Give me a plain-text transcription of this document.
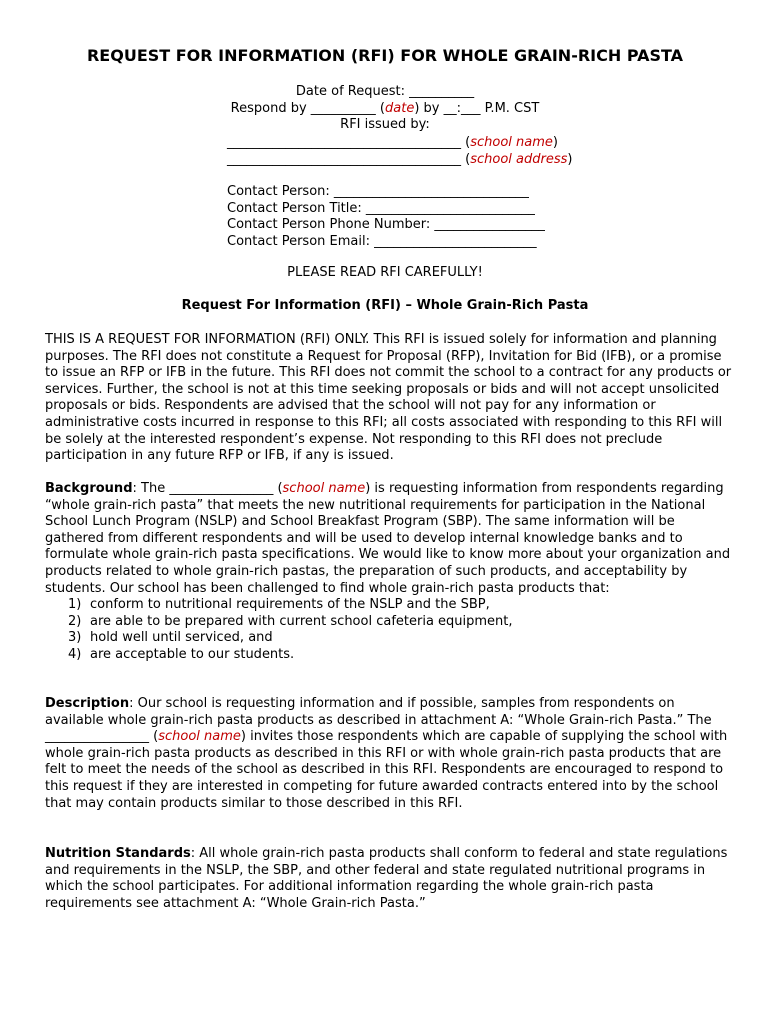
REQUEST FOR INFORMATION (RFI) FOR WHOLE GRAIN-RICH PASTA
Date of Request: __________
Respond by __________ (date) by __:___ P.M. CST
RFI issued by:
____________________________________ (school name)
____________________________________ (school address)
Contact Person: ______________________________
Contact Person Title: __________________________
Contact Person Phone Number: _________________
Contact Person Email: _________________________
PLEASE READ RFI CAREFULLY!
Request For Information (RFI) – Whole Grain-Rich Pasta

THIS IS A REQUEST FOR INFORMATION (RFI) ONLY. This RFI is issued solely for information and planning purposes. The RFI does not constitute a Request for Proposal (RFP), Invitation for Bid (IFB), or a promise to issue an RFP or IFB in the future. This RFI does not commit the school to a contract for any products or services. Further, the school is not at this time seeking proposals or bids and will not accept unsolicited proposals or bids. Respondents are advised that the school will not pay for any information or administrative costs incurred in response to this RFI; all costs associated with responding to this RFI will be solely at the interested respondent’s expense. Not responding to this RFI does not preclude participation in any future RFP or IFB, if any is issued.

Background: The ________________ (school name) is requesting information from respondents regarding “whole grain-rich pasta” that meets the new nutritional requirements for participation in the National School Lunch Program (NSLP) and School Breakfast Program (SBP). The same information will be gathered from different respondents and will be used to develop internal knowledge banks and to formulate whole grain-rich pasta specifications. We would like to know more about your organization and products related to whole grain-rich pastas, the preparation of such products, and acceptability by students. Our school has been challenged to find whole grain-rich pasta products that:
1) conform to nutritional requirements of the NSLP and the SBP,
2) are able to be prepared with current school cafeteria equipment,
3) hold well until serviced, and
4) are acceptable to our students.
Description: Our school is requesting information and if possible, samples from respondents on available whole grain-rich pasta products as described in attachment A: “Whole Grain-rich Pasta.” The ________________ (school name) invites those respondents which are capable of supplying the school with whole grain-rich pasta products as described in this RFI or with whole grain-rich pasta products that are felt to meet the needs of the school as described in this RFI. Respondents are encouraged to respond to this request if they are interested in competing for future awarded contracts entered into by the school that may contain products similar to those described in this RFI.
Nutrition Standards: All whole grain-rich pasta products shall conform to federal and state regulations and requirements in the NSLP, the SBP, and other federal and state regulated nutritional programs in which the school participates. For additional information regarding the whole grain-rich pasta requirements see attachment A: “Whole Grain-rich Pasta.”
